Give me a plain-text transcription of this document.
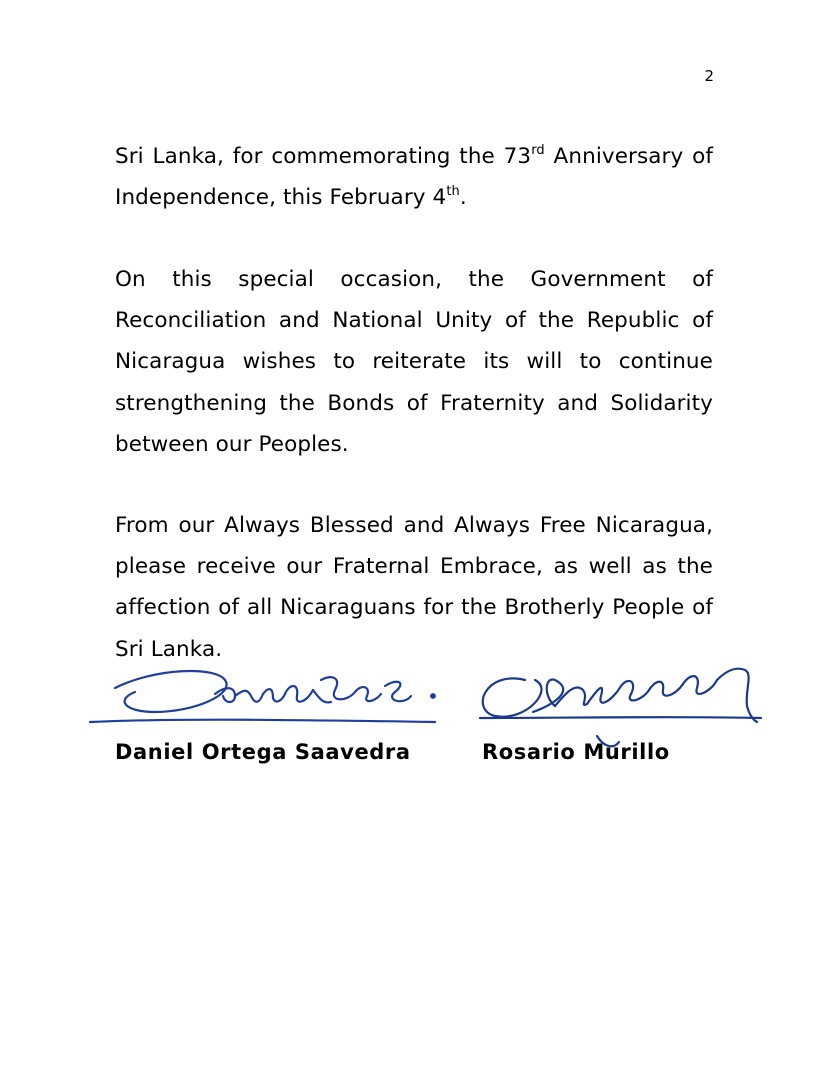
2

Sri Lanka, for commemorating the 73rd Anniversary of Independence, this February 4th.

On this special occasion, the Government of Reconciliation and National Unity of the Republic of Nicaragua wishes to reiterate its will to continue strengthening the Bonds of Fraternity and Solidarity between our Peoples.

From our Always Blessed and Always Free Nicaragua, please receive our Fraternal Embrace, as well as the affection of all Nicaraguans for the Brotherly People of Sri Lanka.

Daniel Ortega Saavedra	Rosario Murillo
